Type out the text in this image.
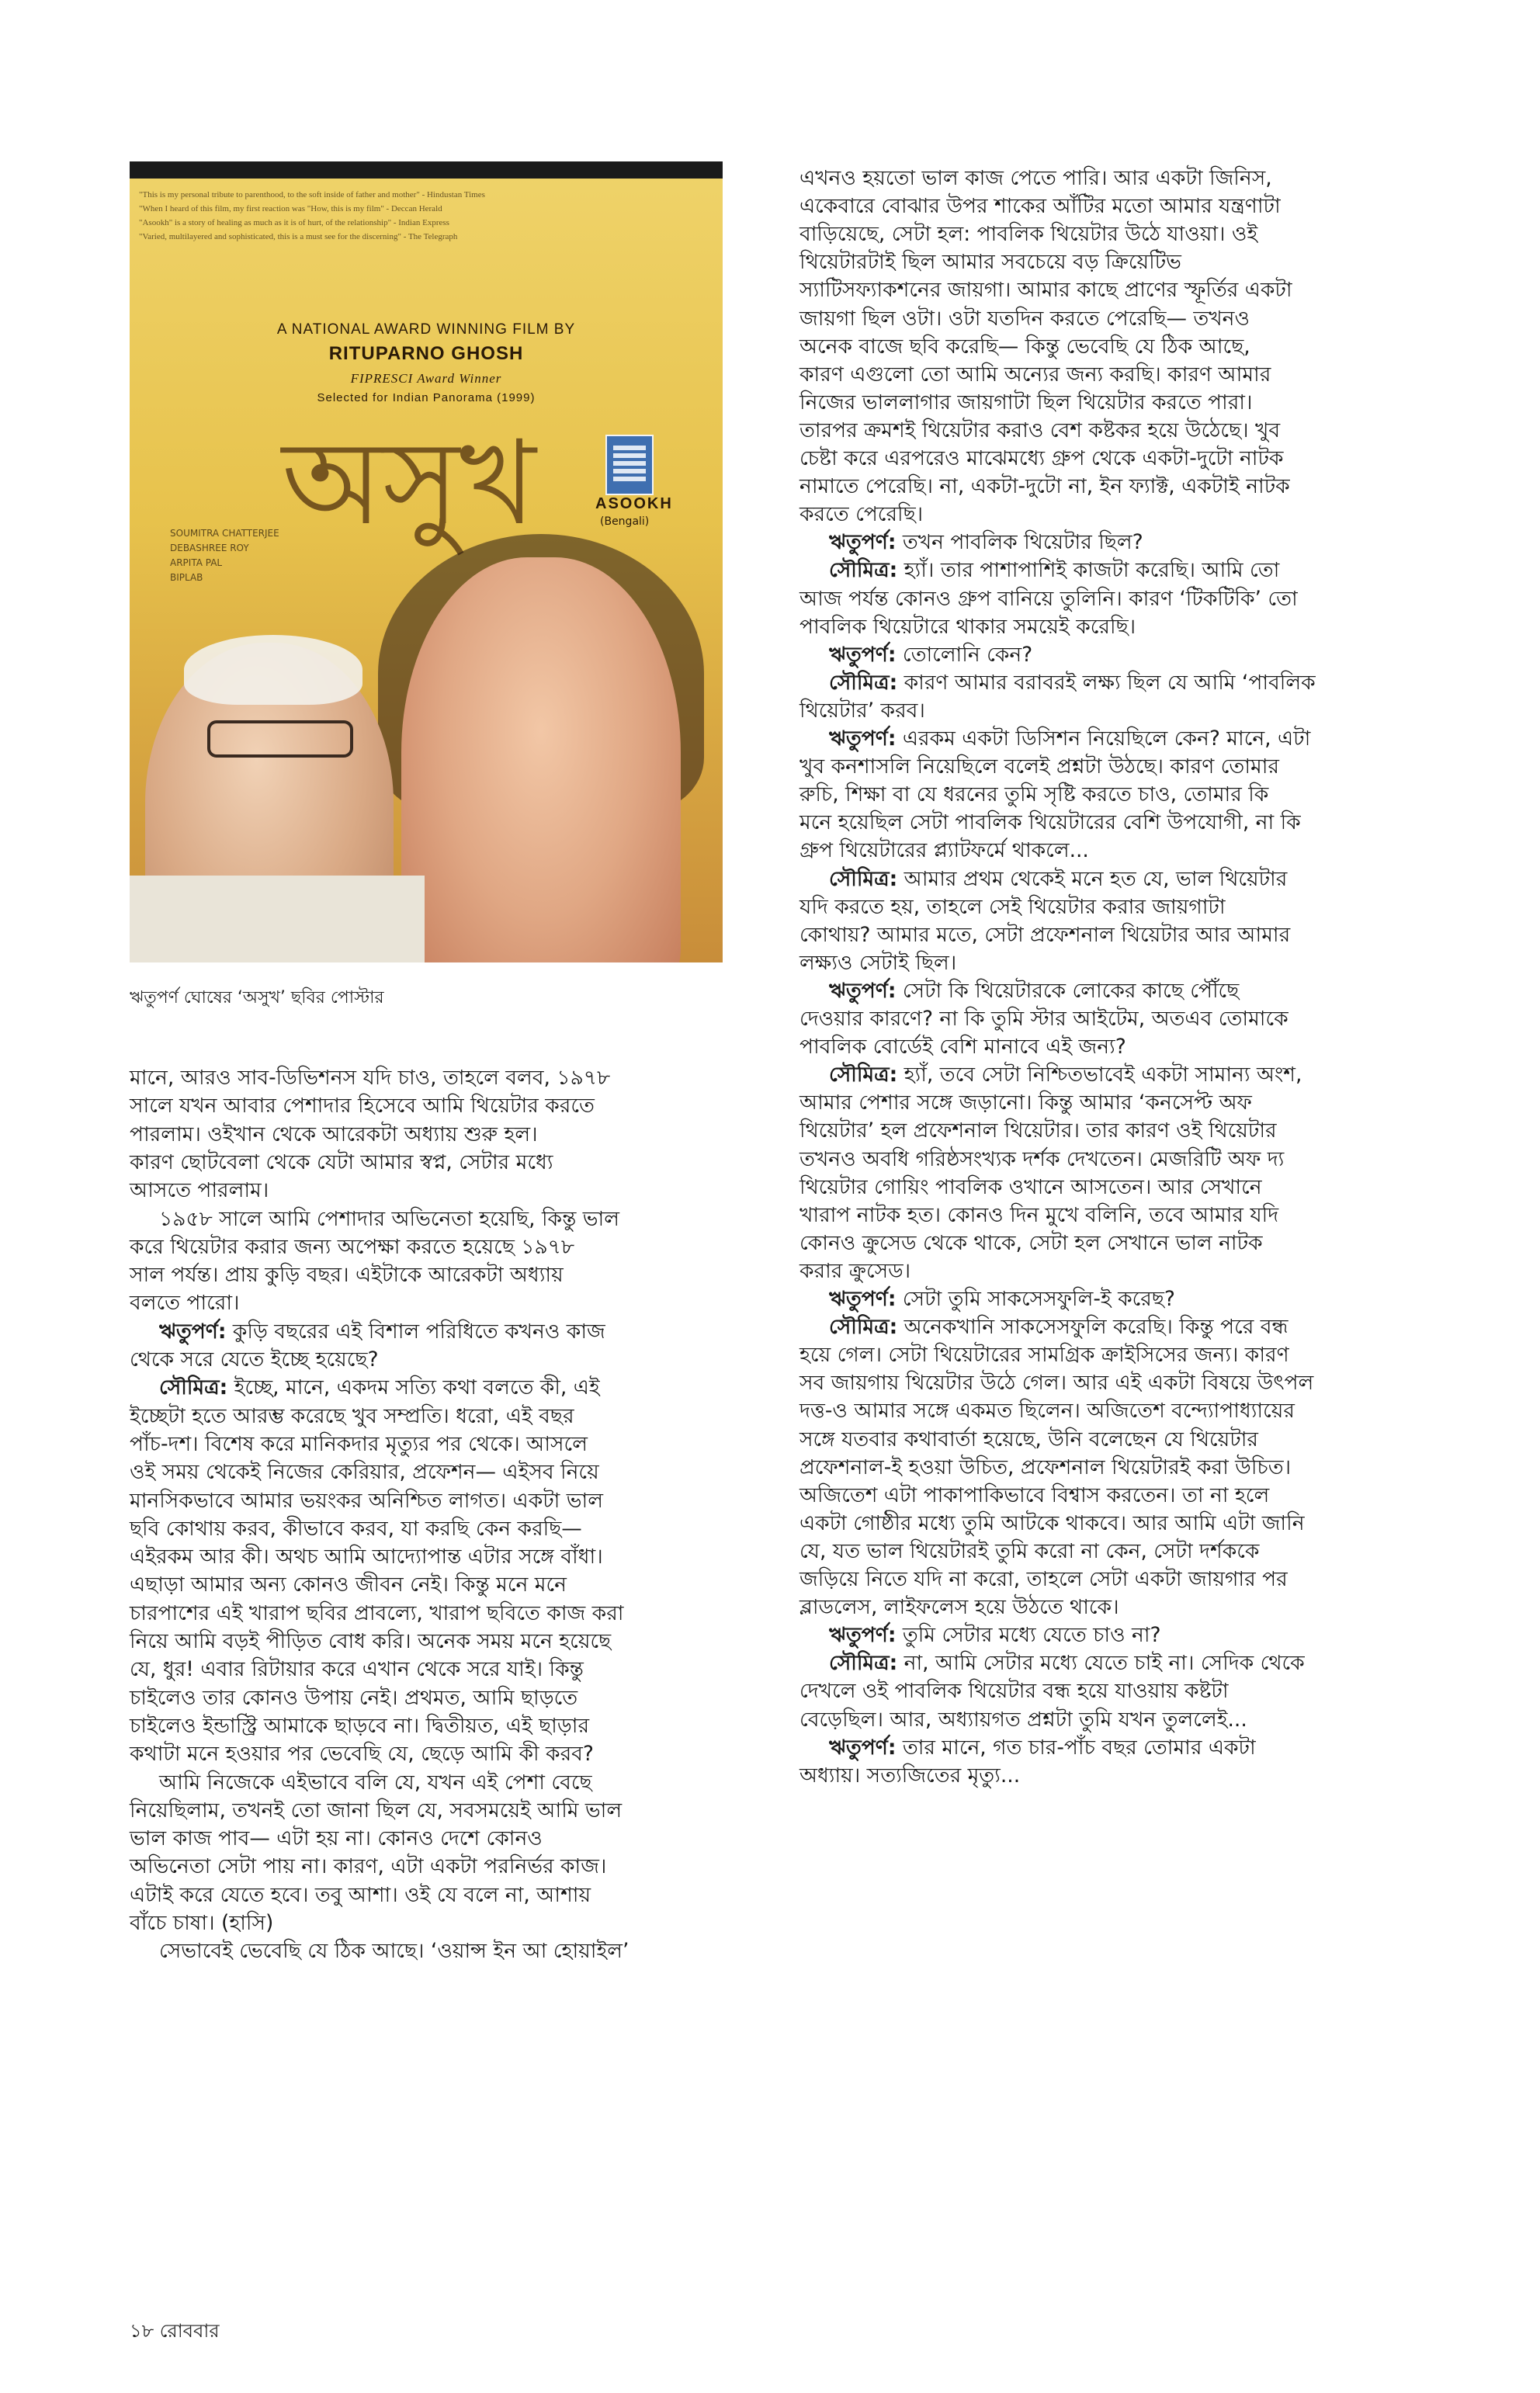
"This is my personal tribute to parenthood, to the soft inside of father and mother" - Hindustan Times
"When I heard of this film, my first reaction was "How, this is my film" - Deccan Herald
"Asookh" is a story of healing as much as it is of hurt, of the relationship" - Indian Express
"Varied, multilayered and sophisticated, this is a must see for the discerning" - The Telegraph
A NATIONAL AWARD WINNING FILM BY
RITUPARNO GHOSH
FIPRESCI Award Winner
Selected for Indian Panorama (1999)
অসুখ	ASOOKH
(Bengali)
SOUMITRA CHATTERJEE
DEBASHREE ROY
ARPITA PAL
BIPLAB
ঋতুপর্ণ ঘোষের ‘অসুখ’ ছবির পোস্টার
মানে, আরও সাব-ডিভিশনস যদি চাও, তাহলে বলব, ১৯৭৮
সালে যখন আবার পেশাদার হিসেবে আমি থিয়েটার করতে
পারলাম। ওইখান থেকে আরেকটা অধ্যায় শুরু হল।
কারণ ছোটবেলা থেকে যেটা আমার স্বপ্ন, সেটার মধ্যে
আসতে পারলাম।
১৯৫৮ সালে আমি পেশাদার অভিনেতা হয়েছি, কিন্তু ভাল
করে থিয়েটার করার জন্য অপেক্ষা করতে হয়েছে ১৯৭৮
সাল পর্যন্ত। প্রায় কুড়ি বছর। এইটাকে আরেকটা অধ্যায়
বলতে পারো।
ঋতুপর্ণ: কুড়ি বছরের এই বিশাল পরিধিতে কখনও কাজ
থেকে সরে যেতে ইচ্ছে হয়েছে?
সৌমিত্র: ইচ্ছে, মানে, একদম সত্যি কথা বলতে কী, এই
ইচ্ছেটা হতে আরম্ভ করেছে খুব সম্প্রতি। ধরো, এই বছর
পাঁচ-দশ। বিশেষ করে মানিকদার মৃত্যুর পর থেকে। আসলে
ওই সময় থেকেই নিজের কেরিয়ার, প্রফেশন— এইসব নিয়ে
মানসিকভাবে আমার ভয়ংকর অনিশ্চিত লাগত। একটা ভাল
ছবি কোথায় করব, কীভাবে করব, যা করছি কেন করছি—
এইরকম আর কী। অথচ আমি আদ্যোপান্ত এটার সঙ্গে বাঁধা।
এছাড়া আমার অন্য কোনও জীবন নেই। কিন্তু মনে মনে
চারপাশের এই খারাপ ছবির প্রাবল্যে, খারাপ ছবিতে কাজ করা
নিয়ে আমি বড়ই পীড়িত বোধ করি। অনেক সময় মনে হয়েছে
যে, ধুর! এবার রিটায়ার করে এখান থেকে সরে যাই। কিন্তু
চাইলেও তার কোনও উপায় নেই। প্রথমত, আমি ছাড়তে
চাইলেও ইন্ডাস্ট্রি আমাকে ছাড়বে না। দ্বিতীয়ত, এই ছাড়ার
কথাটা মনে হওয়ার পর ভেবেছি যে, ছেড়ে আমি কী করব?
আমি নিজেকে এইভাবে বলি যে, যখন এই পেশা বেছে
নিয়েছিলাম, তখনই তো জানা ছিল যে, সবসময়েই আমি ভাল
ভাল কাজ পাব— এটা হয় না। কোনও দেশে কোনও
অভিনেতা সেটা পায় না। কারণ, এটা একটা পরনির্ভর কাজ।
এটাই করে যেতে হবে। তবু আশা। ওই যে বলে না, আশায়
বাঁচে চাষা। (হাসি)
সেভাবেই ভেবেছি যে ঠিক আছে। ‘ওয়ান্স ইন আ হোয়াইল’
এখনও হয়তো ভাল কাজ পেতে পারি। আর একটা জিনিস,
একেবারে বোঝার উপর শাকের আঁটির মতো আমার যন্ত্রণাটা
বাড়িয়েছে, সেটা হল: পাবলিক থিয়েটার উঠে যাওয়া। ওই
থিয়েটারটাই ছিল আমার সবচেয়ে বড় ক্রিয়েটিভ
স্যাটিসফ্যাকশনের জায়গা। আমার কাছে প্রাণের স্ফূর্তির একটা
জায়গা ছিল ওটা। ওটা যতদিন করতে পেরেছি— তখনও
অনেক বাজে ছবি করেছি— কিন্তু ভেবেছি যে ঠিক আছে,
কারণ এগুলো তো আমি অন্যের জন্য করছি। কারণ আমার
নিজের ভাললাগার জায়গাটা ছিল থিয়েটার করতে পারা।
তারপর ক্রমশই থিয়েটার করাও বেশ কষ্টকর হয়ে উঠেছে। খুব
চেষ্টা করে এরপরেও মাঝেমধ্যে গ্রুপ থেকে একটা-দুটো নাটক
নামাতে পেরেছি। না, একটা-দুটো না, ইন ফ্যাক্ট, একটাই নাটক
করতে পেরেছি।
ঋতুপর্ণ: তখন পাবলিক থিয়েটার ছিল?
সৌমিত্র: হ্যাঁ। তার পাশাপাশিই কাজটা করেছি। আমি তো
আজ পর্যন্ত কোনও গ্রুপ বানিয়ে তুলিনি। কারণ ‘টিকটিকি’ তো
পাবলিক থিয়েটারে থাকার সময়েই করেছি।
ঋতুপর্ণ: তোলোনি কেন?
সৌমিত্র: কারণ আমার বরাবরই লক্ষ্য ছিল যে আমি ‘পাবলিক
থিয়েটার’ করব।
ঋতুপর্ণ: এরকম একটা ডিসিশন নিয়েছিলে কেন? মানে, এটা
খুব কনশাসলি নিয়েছিলে বলেই প্রশ্নটা উঠছে। কারণ তোমার
রুচি, শিক্ষা বা যে ধরনের তুমি সৃষ্টি করতে চাও, তোমার কি
মনে হয়েছিল সেটা পাবলিক থিয়েটারের বেশি উপযোগী, না কি
গ্রুপ থিয়েটারের প্ল্যাটফর্মে থাকলে...
সৌমিত্র: আমার প্রথম থেকেই মনে হত যে, ভাল থিয়েটার
যদি করতে হয়, তাহলে সেই থিয়েটার করার জায়গাটা
কোথায়? আমার মতে, সেটা প্রফেশনাল থিয়েটার আর আমার
লক্ষ্যও সেটাই ছিল।
ঋতুপর্ণ: সেটা কি থিয়েটারকে লোকের কাছে পৌঁছে
দেওয়ার কারণে? না কি তুমি স্টার আইটেম, অতএব তোমাকে
পাবলিক বোর্ডেই বেশি মানাবে এই জন্য?
সৌমিত্র: হ্যাঁ, তবে সেটা নিশ্চিতভাবেই একটা সামান্য অংশ,
আমার পেশার সঙ্গে জড়ানো। কিন্তু আমার ‘কনসেপ্ট অফ
থিয়েটার’ হল প্রফেশনাল থিয়েটার। তার কারণ ওই থিয়েটার
তখনও অবধি গরিষ্ঠসংখ্যক দর্শক দেখতেন। মেজরিটি অফ দ্য
থিয়েটার গোয়িং পাবলিক ওখানে আসতেন। আর সেখানে
খারাপ নাটক হত। কোনও দিন মুখে বলিনি, তবে আমার যদি
কোনও ক্রুসেড থেকে থাকে, সেটা হল সেখানে ভাল নাটক
করার ক্রুসেড।
ঋতুপর্ণ: সেটা তুমি সাকসেসফুলি-ই করেছ?
সৌমিত্র: অনেকখানি সাকসেসফুলি করেছি। কিন্তু পরে বন্ধ
হয়ে গেল। সেটা থিয়েটারের সামগ্রিক ক্রাইসিসের জন্য। কারণ
সব জায়গায় থিয়েটার উঠে গেল। আর এই একটা বিষয়ে উৎপল
দত্ত-ও আমার সঙ্গে একমত ছিলেন। অজিতেশ বন্দ্যোপাধ্যায়ের
সঙ্গে যতবার কথাবার্তা হয়েছে, উনি বলেছেন যে থিয়েটার
প্রফেশনাল-ই হওয়া উচিত, প্রফেশনাল থিয়েটারই করা উচিত।
অজিতেশ এটা পাকাপাকিভাবে বিশ্বাস করতেন। তা না হলে
একটা গোষ্ঠীর মধ্যে তুমি আটকে থাকবে। আর আমি এটা জানি
যে, যত ভাল থিয়েটারই তুমি করো না কেন, সেটা দর্শককে
জড়িয়ে নিতে যদি না করো, তাহলে সেটা একটা জায়গার পর
ব্লাডলেস, লাইফলেস হয়ে উঠতে থাকে।
ঋতুপর্ণ: তুমি সেটার মধ্যে যেতে চাও না?
সৌমিত্র: না, আমি সেটার মধ্যে যেতে চাই না। সেদিক থেকে
দেখলে ওই পাবলিক থিয়েটার বন্ধ হয়ে যাওয়ায় কষ্টটা
বেড়েছিল। আর, অধ্যায়গত প্রশ্নটা তুমি যখন তুললেই...
ঋতুপর্ণ: তার মানে, গত চার-পাঁচ বছর তোমার একটা
অধ্যায়। সত্যজিতের মৃত্যু...
১৮ রোববার
